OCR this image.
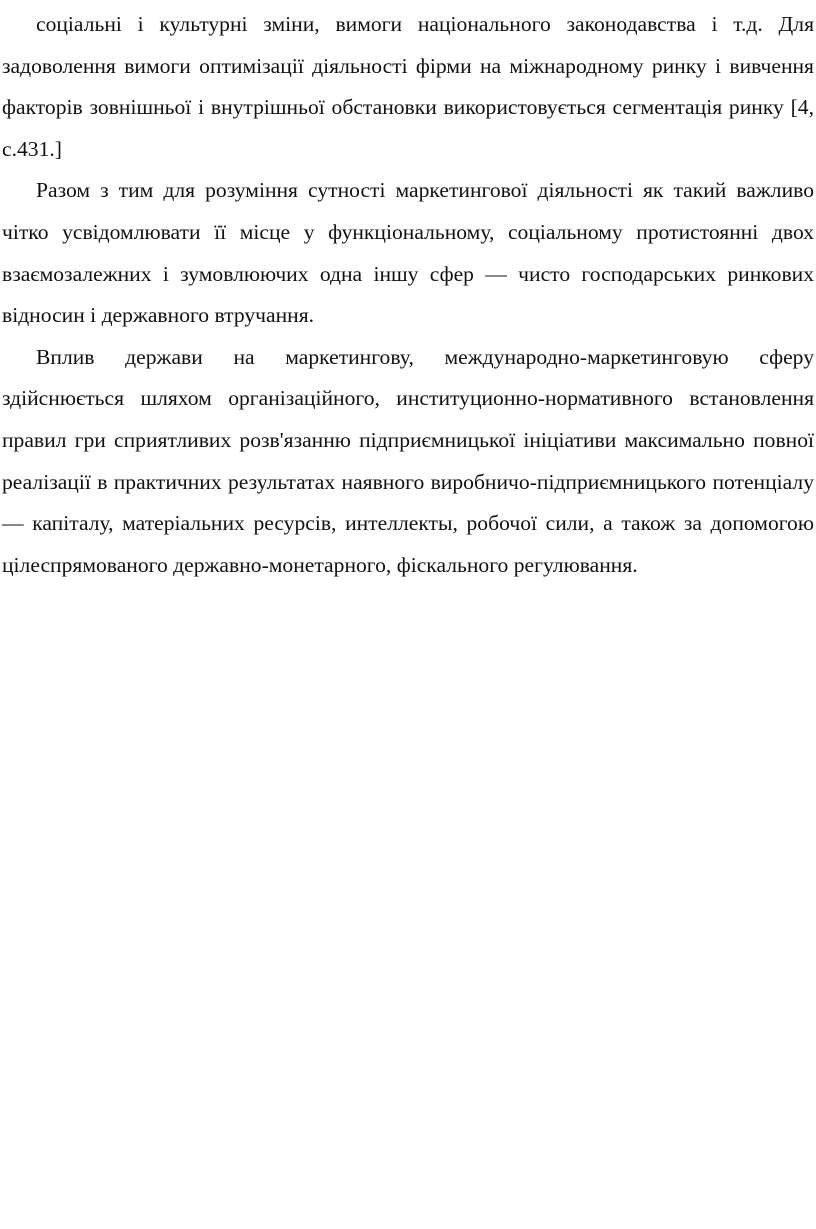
соціальні і культурні зміни, вимоги національного законодавства і т.д. Для задоволення вимоги оптимізації діяльності фірми на міжнародному ринку і вивчення факторів зовнішньої і внутрішньої обстановки використовується сегментація ринку [4, с.431.]

Разом з тим для розуміння сутності маркетингової діяльності як такий важливо чітко усвідомлювати її місце у функціональному, соціальному протистоянні двох взаємозалежних і зумовлюючих одна іншу сфер — чисто господарських ринкових відносин і державного втручання.

Вплив держави на маркетингову, международно-маркетинговую сферу здійснюється шляхом організаційного, институционно-нормативного встановлення правил гри сприятливих розв'язанню підприємницької ініціативи максимально повної реалізації в практичних результатах наявного виробничо-підприємницького потенціалу — капіталу, матеріальних ресурсів, интеллекты, робочої сили, а також за допомогою цілеспрямованого державно-монетарного, фіскального регулювання.
